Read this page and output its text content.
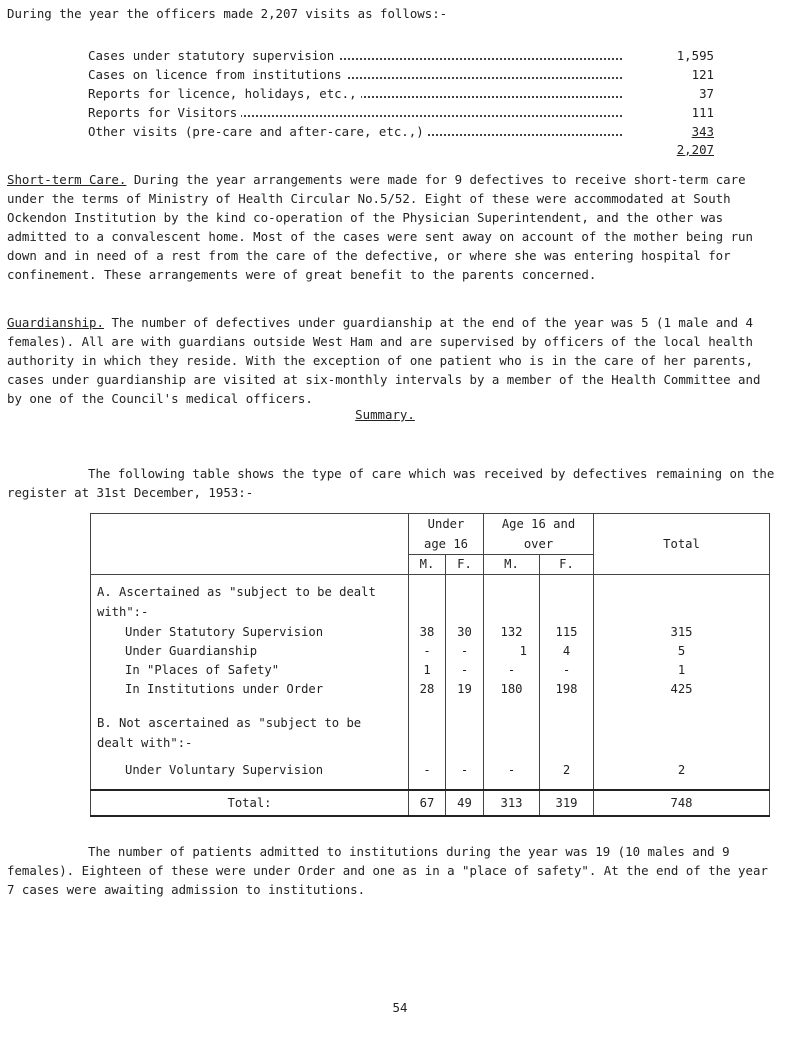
During the year the officers made 2,207 visits as follows:-
Cases under statutory supervision	1,595
Cases on licence from institutions	121
Reports for licence, holidays, etc.,	37
Reports for Visitors	111
Other visits (pre-care and after-care, etc.,)	343
2,207
Short-term Care. During the year arrangements were made for 9 defectives to receive short-term care under the terms of Ministry of Health Circular No.5/52. Eight of these were accommodated at South Ockendon Institution by the kind co-operation of the Physician Superintendent, and the other was admitted to a convalescent home. Most of the cases were sent away on account of the mother being run down and in need of a rest from the care of the defective, or where she was entering hospital for confinement. These arrangements were of great benefit to the parents concerned.
Guardianship. The number of defectives under guardianship at the end of the year was 5 (1 male and 4 females). All are with guardians outside West Ham and are supervised by officers of the local health authority in which they reside. With the exception of one patient who is in the care of her parents, cases under guardianship are visited at six-monthly intervals by a member of the Health Committee and by one of the Council's medical officers.
Summary.
The following table shows the type of care which was received by defectives remaining on the register at 31st December, 1953:-
	Under age 16		Age 16 and over		Total
	M.	F.	M.	F.	
A. Ascertained as "subject to be dealt with":-					
Under Statutory Supervision	38	30	132	115	315
Under Guardianship	-	-	1	4	5
In "Places of Safety"	1	-	-	-	1
In Institutions under Order	28	19	180	198	425
B. Not ascertained as "subject to be dealt with":-					
Under Voluntary Supervision	-	-	-	2	2
Total:	67	49	313	319	748
The number of patients admitted to institutions during the year was 19 (10 males and 9 females). Eighteen of these were under Order and one as in a "place of safety". At the end of the year 7 cases were awaiting admission to institutions.
54
